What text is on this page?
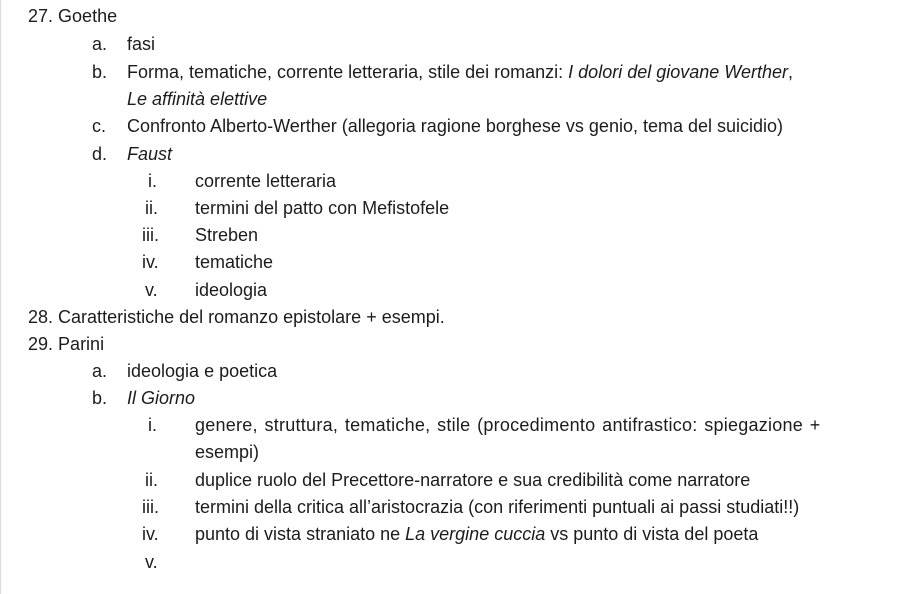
27. Goethe
a. fasi
b. Forma, tematiche, corrente letteraria, stile dei romanzi: I dolori del giovane Werther,
Le affinità elettive
c. Confronto Alberto-Werther (allegoria ragione borghese vs genio, tema del suicidio)
d. Faust
i. corrente letteraria
ii. termini del patto con Mefistofele
iii. Streben
iv. tematiche
v. ideologia
28. Caratteristiche del romanzo epistolare + esempi.
29. Parini
a. ideologia e poetica
b. Il Giorno
i. genere, struttura, tematiche, stile (procedimento antifrastico: spiegazione +
esempi)
ii. duplice ruolo del Precettore-narratore e sua credibilità come narratore
iii. termini della critica all’aristocrazia (con riferimenti puntuali ai passi studiati!!)
iv. punto di vista straniato ne La vergine cuccia vs punto di vista del poeta
v.
